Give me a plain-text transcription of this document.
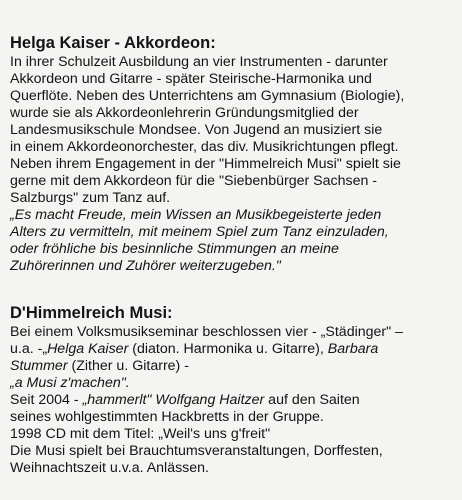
Helga Kaiser - Akkordeon:
In ihrer Schulzeit Ausbildung an vier Instrumenten - darunter
Akkordeon und Gitarre - später Steirische-Harmonika und
Querflöte. Neben des Unterrichtens am Gymnasium (Biologie),
wurde sie als Akkordeonlehrerin Gründungsmitglied der
Landesmusikschule Mondsee. Von Jugend an musiziert sie
in einem Akkordeonorchester, das div. Musikrichtungen pflegt.
Neben ihrem Engagement in der "Himmelreich Musi" spielt sie
gerne mit dem Akkordeon für die "Siebenbürger Sachsen -
Salzburgs" zum Tanz auf.
„Es macht Freude, mein Wissen an Musikbegeisterte jeden
Alters zu vermitteln, mit meinem Spiel zum Tanz einzuladen,
oder fröhliche bis besinnliche Stimmungen an meine
Zuhörerinnen und Zuhörer weiterzugeben."
D'Himmelreich Musi:
Bei einem Volksmusikseminar beschlossen vier - „Städinger" –
u.a. -„Helga Kaiser (diaton. Harmonika u. Gitarre), Barbara
Stummer (Zither u. Gitarre) -
„a Musi z'machen".
Seit 2004 - „hammerlt" Wolfgang Haitzer auf den Saiten
seines wohlgestimmten Hackbretts in der Gruppe.
1998 CD mit dem Titel: „Weil's uns g'freit"
Die Musi spielt bei Brauchtumsveranstaltungen, Dorffesten,
Weihnachtszeit u.v.a. Anlässen.
